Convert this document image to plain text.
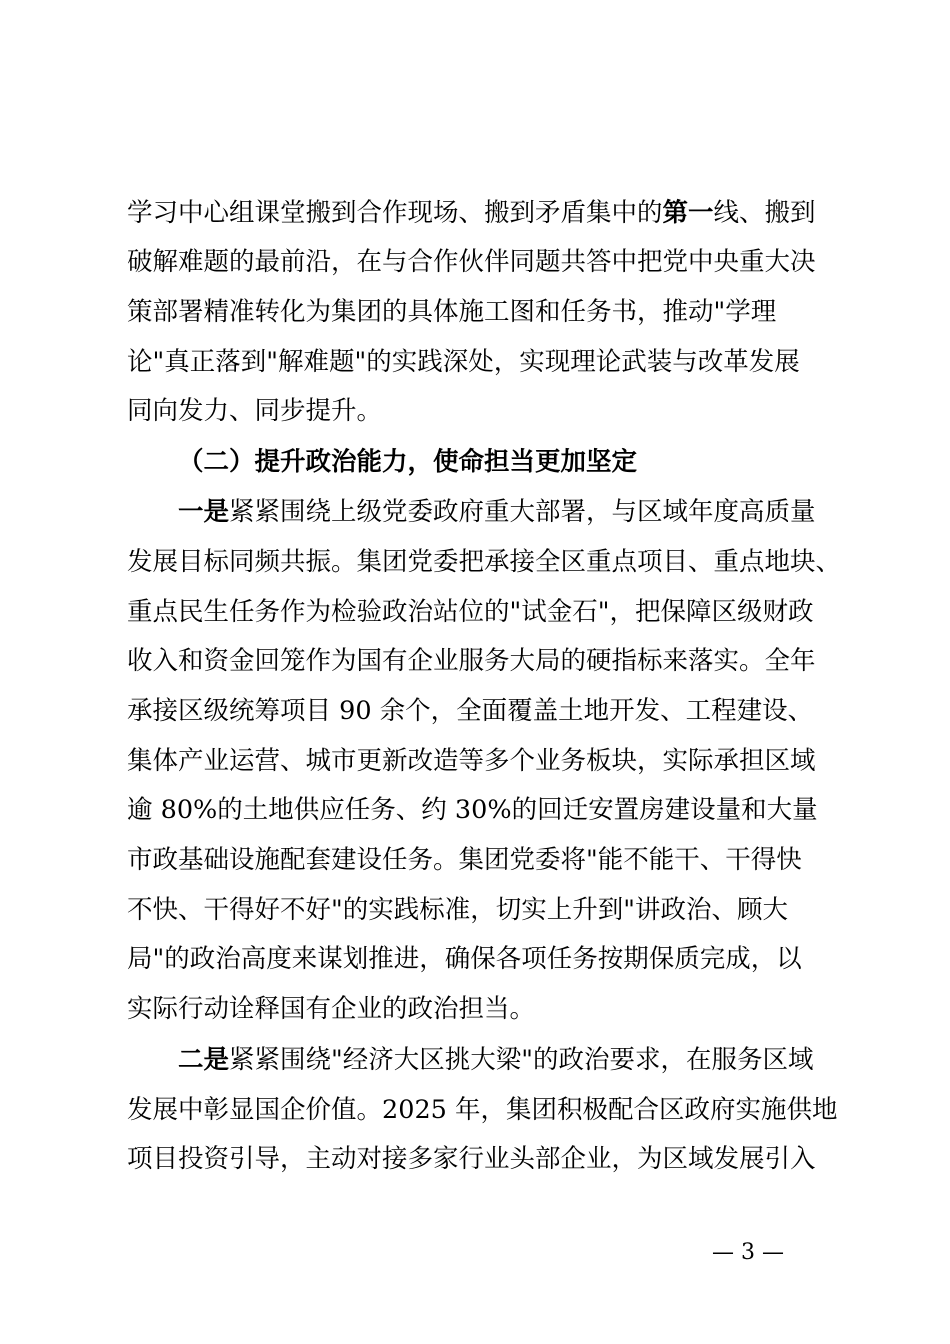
学习中心组课堂搬到合作现场、搬到矛盾集中的第一线、搬到
破解难题的最前沿，在与合作伙伴同题共答中把党中央重大决
策部署精准转化为集团的具体施工图和任务书，推动"学理
论"真正落到"解难题"的实践深处，实现理论武装与改革发展
同向发力、同步提升。
（二）提升政治能力，使命担当更加坚定
一是紧紧围绕上级党委政府重大部署，与区域年度高质量
发展目标同频共振。集团党委把承接全区重点项目、重点地块、
重点民生任务作为检验政治站位的"试金石"，把保障区级财政
收入和资金回笼作为国有企业服务大局的硬指标来落实。全年
承接区级统筹项目 90 余个，全面覆盖土地开发、工程建设、
集体产业运营、城市更新改造等多个业务板块，实际承担区域
逾 80%的土地供应任务、约 30%的回迁安置房建设量和大量
市政基础设施配套建设任务。集团党委将"能不能干、干得快
不快、干得好不好"的实践标准，切实上升到"讲政治、顾大
局"的政治高度来谋划推进，确保各项任务按期保质完成，以
实际行动诠释国有企业的政治担当。
二是紧紧围绕"经济大区挑大梁"的政治要求，在服务区域
发展中彰显国企价值。2025 年，集团积极配合区政府实施供地
项目投资引导，主动对接多家行业头部企业，为区域发展引入
— 3 —
